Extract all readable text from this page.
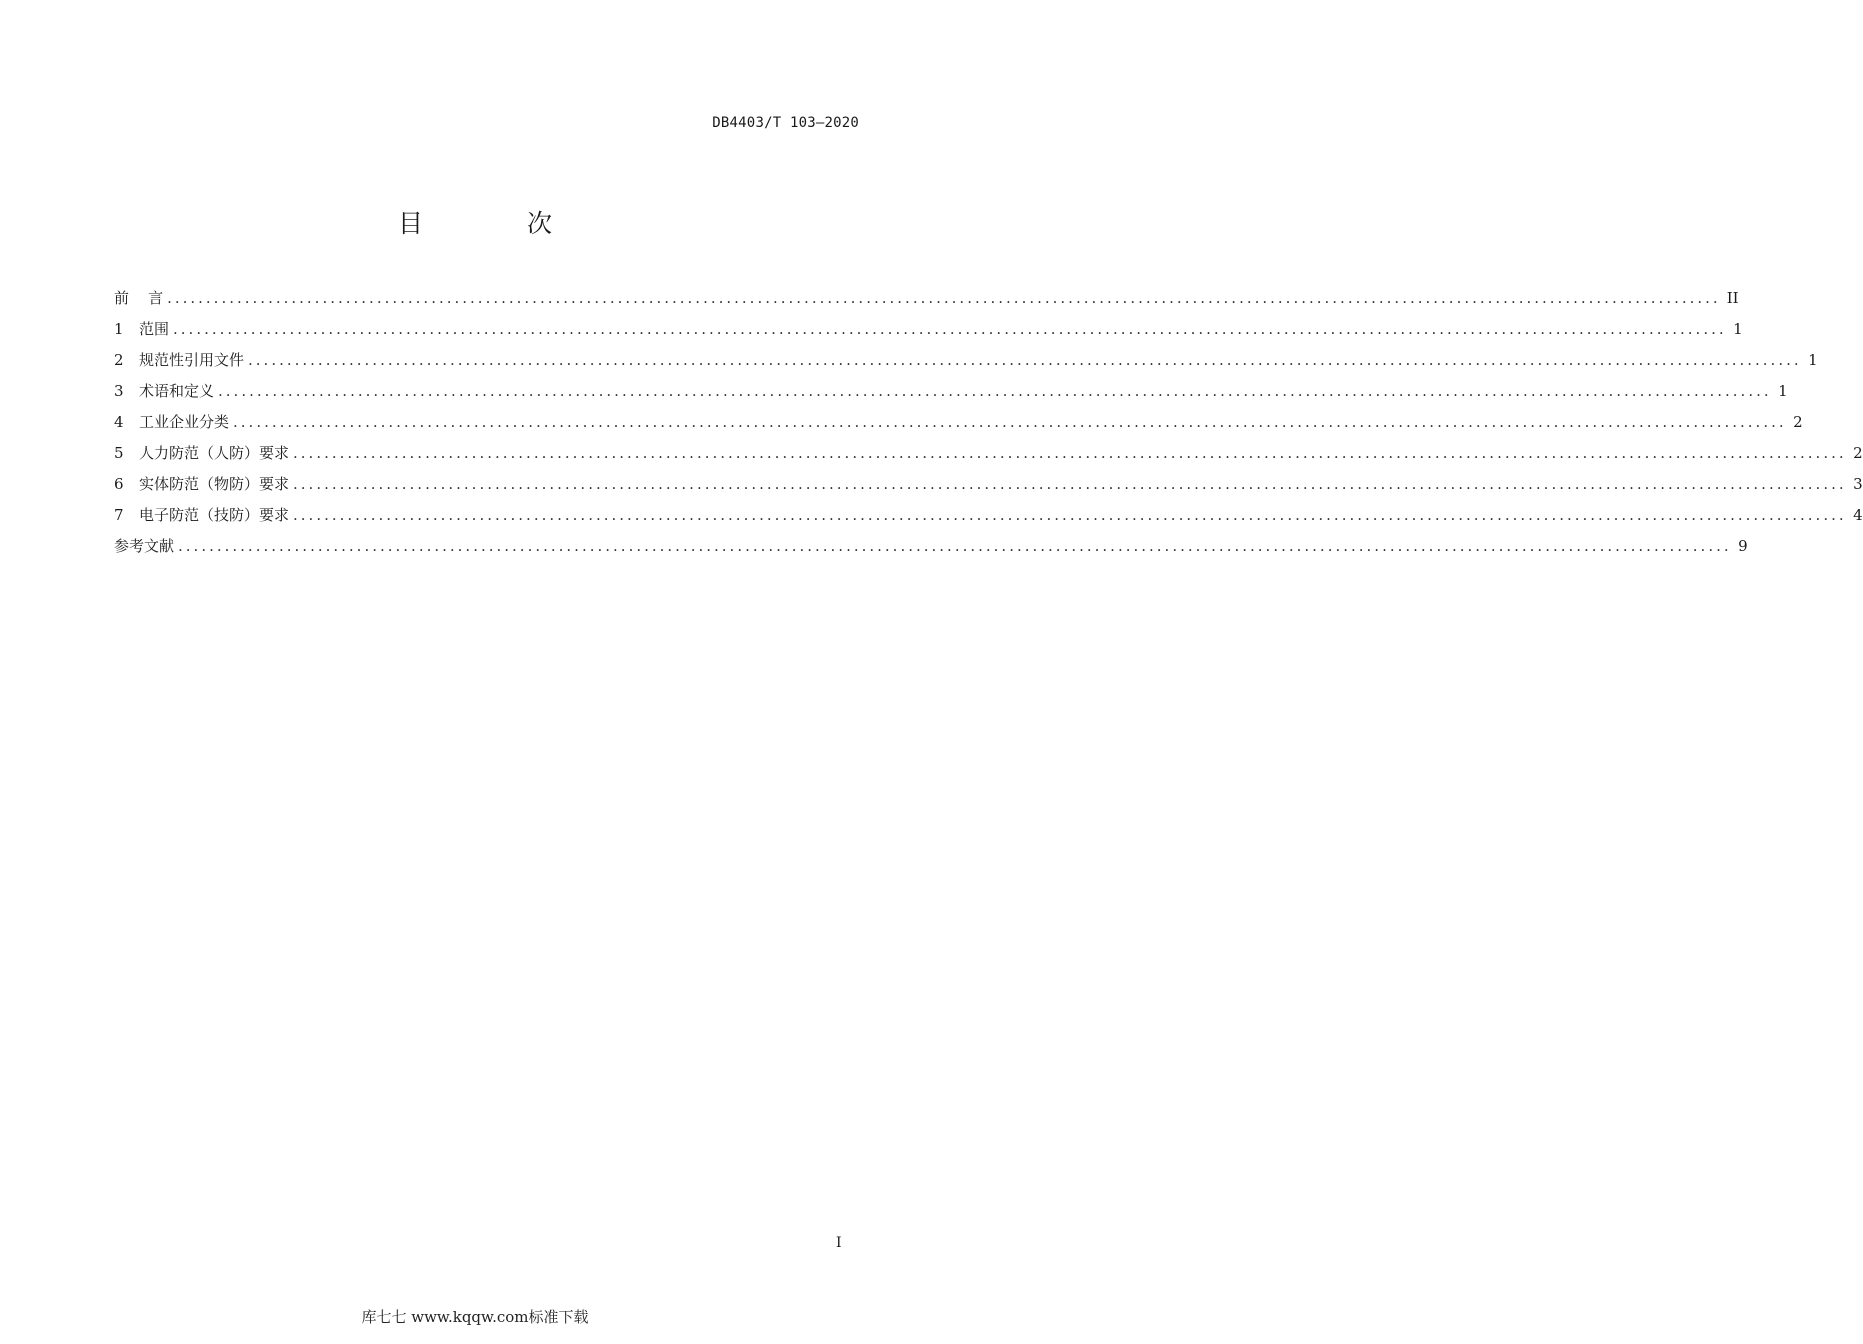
DB4403/T 103—2020
目 次
前    言 ........................................................................................................................................................................................................ II
1	范围 ........................................................................................................................................................................................................ 1
2	规范性引用文件 ........................................................................................................................................................................................................ 1
3	术语和定义 ........................................................................................................................................................................................................ 1
4	工业企业分类 ........................................................................................................................................................................................................ 2
5	人力防范（人防）要求 ........................................................................................................................................................................................................ 2
6	实体防范（物防）要求 ........................................................................................................................................................................................................ 3
7	电子防范（技防）要求 ........................................................................................................................................................................................................ 4
参考文献 ........................................................................................................................................................................................................ 9
I
库七七 www.kqqw.com标准下载
